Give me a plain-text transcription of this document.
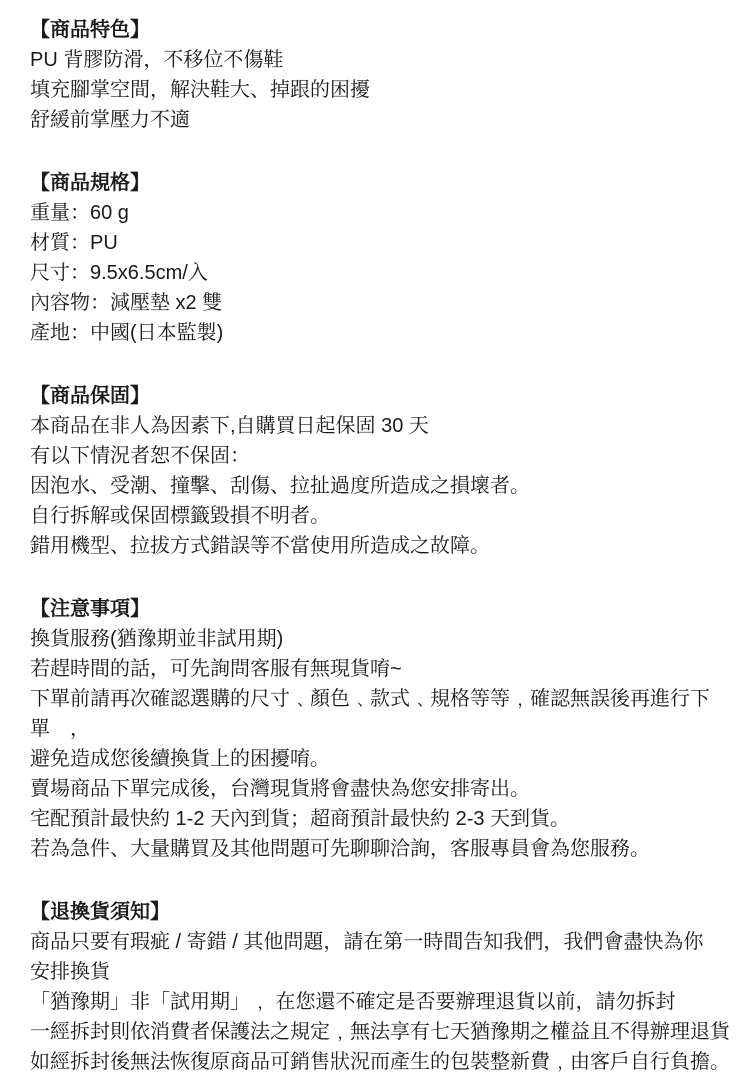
【商品特色】
PU 背膠防滑，不移位不傷鞋
填充腳掌空間，解決鞋大、掉跟的困擾
舒緩前掌壓力不適
【商品規格】
重量：60 g
材質：PU
尺寸：9.5x6.5cm/入
內容物：減壓墊 x2 雙
產地：中國(日本監製)
【商品保固】
本商品在非人為因素下,自購買日起保固 30 天
有以下情況者恕不保固：
因泡水、受潮、撞擊、刮傷、拉扯過度所造成之損壞者。
自行拆解或保固標籤毀損不明者。
錯用機型、拉拔方式錯誤等不當使用所造成之故障。
【注意事項】
換貨服務(猶豫期並非試用期)
若趕時間的話，可先詢問客服有無現貨唷~
下單前請再次確認選購的尺寸﹑顏色﹑款式﹑規格等等﹐確認無誤後再進行下單　，
避免造成您後續換貨上的困擾唷。
賣場商品下單完成後，台灣現貨將會盡快為您安排寄出。
宅配預計最快約 1-2 天內到貨；超商預計最快約 2-3 天到貨。
若為急件、大量購買及其他問題可先聊聊洽詢，客服專員會為您服務。
【退換貨須知】
商品只要有瑕疵 / 寄錯 / 其他問題，請在第一時間告知我們，我們會盡快為你
安排換貨
「猶豫期」非「試用期」﹐ 在您還不確定是否要辦理退貨以前，請勿拆封
一經拆封則依消費者保護法之規定﹐無法享有七天猶豫期之權益且不得辦理退貨
如經拆封後無法恢復原商品可銷售狀況而產生的包裝整新費﹐由客戶自行負擔。
